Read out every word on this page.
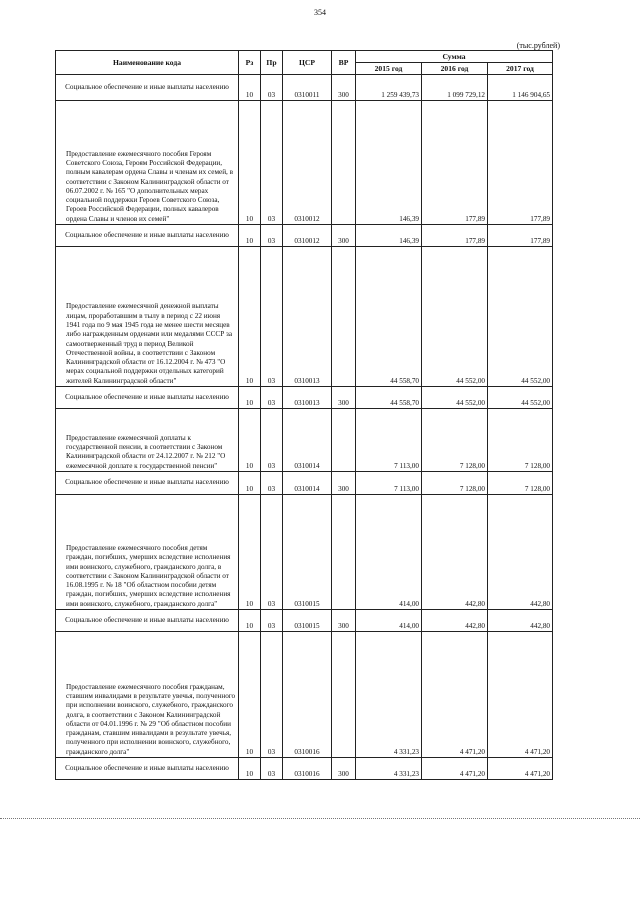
354
(тыс.рублей)
Наименование кода	Рз	Пр	ЦСР	ВР	Сумма		
					2015 год	2016 год	2017 год
Социальное обеспечение и иные выплаты населению	10	03	0310011	300	1 259 439,73	1 099 729,12	1 146 904,65

Предоставление ежемесячного пособия Героям Советского Союза, Героям Российской Федерации, полным кавалерам ордена Славы и членам их семей, в соответствии с Законом Калининградской области от 06.07.2002 г. № 165 "О дополнительных мерах социальной поддержки Героев Советского Союза, Героев Российской Федерации, полных кавалеров ордена Славы и членов их семей"	10	03	0310012		146,39	177,89	177,89
Социальное обеспечение и иные выплаты населению	10	03	0310012	300	146,39	177,89	177,89

Предоставление ежемесячной денежной выплаты лицам, проработавшим в тылу в период с 22 июня 1941 года по 9 мая 1945 года не менее шести месяцев либо награжденным орденами или медалями СССР за самоотверженный труд в период Великой Отечественной войны, в соответствии с Законом Калининградской области от 16.12.2004 г. № 473 "О мерах социальной поддержки отдельных категорий жителей Калининградской области"	10	03	0310013		44 558,70	44 552,00	44 552,00
Социальное обеспечение и иные выплаты населению	10	03	0310013	300	44 558,70	44 552,00	44 552,00

Предоставление ежемесячной доплаты к государственной пенсии, в соответствии с Законом Калининградской области от 24.12.2007 г. № 212 "О ежемесячной доплате к государственной пенсии"	10	03	0310014		7 113,00	7 128,00	7 128,00
Социальное обеспечение и иные выплаты населению	10	03	0310014	300	7 113,00	7 128,00	7 128,00

Предоставление ежемесячного пособия детям граждан, погибших, умерших вследствие исполнения ими воинского, служебного, гражданского долга, в соответствии с Законом Калининградской области от 16.08.1995 г. № 18 "Об областном пособии детям граждан, погибших, умерших вследствие исполнения ими воинского, служебного, гражданского долга"	10	03	0310015		414,00	442,80	442,80
Социальное обеспечение и иные выплаты населению	10	03	0310015	300	414,00	442,80	442,80

Предоставление ежемесячного пособия гражданам, ставшим инвалидами в результате увечья, полученного при исполнении воинского, служебного, гражданского долга, в соответствии с Законом Калининградской области от 04.01.1996 г. № 29 "Об областном пособии гражданам, ставшим инвалидами в результате увечья, полученного при исполнении воинского, служебного, гражданского долга"	10	03	0310016		4 331,23	4 471,20	4 471,20
Социальное обеспечение и иные выплаты населению	10	03	0310016	300	4 331,23	4 471,20	4 471,20
